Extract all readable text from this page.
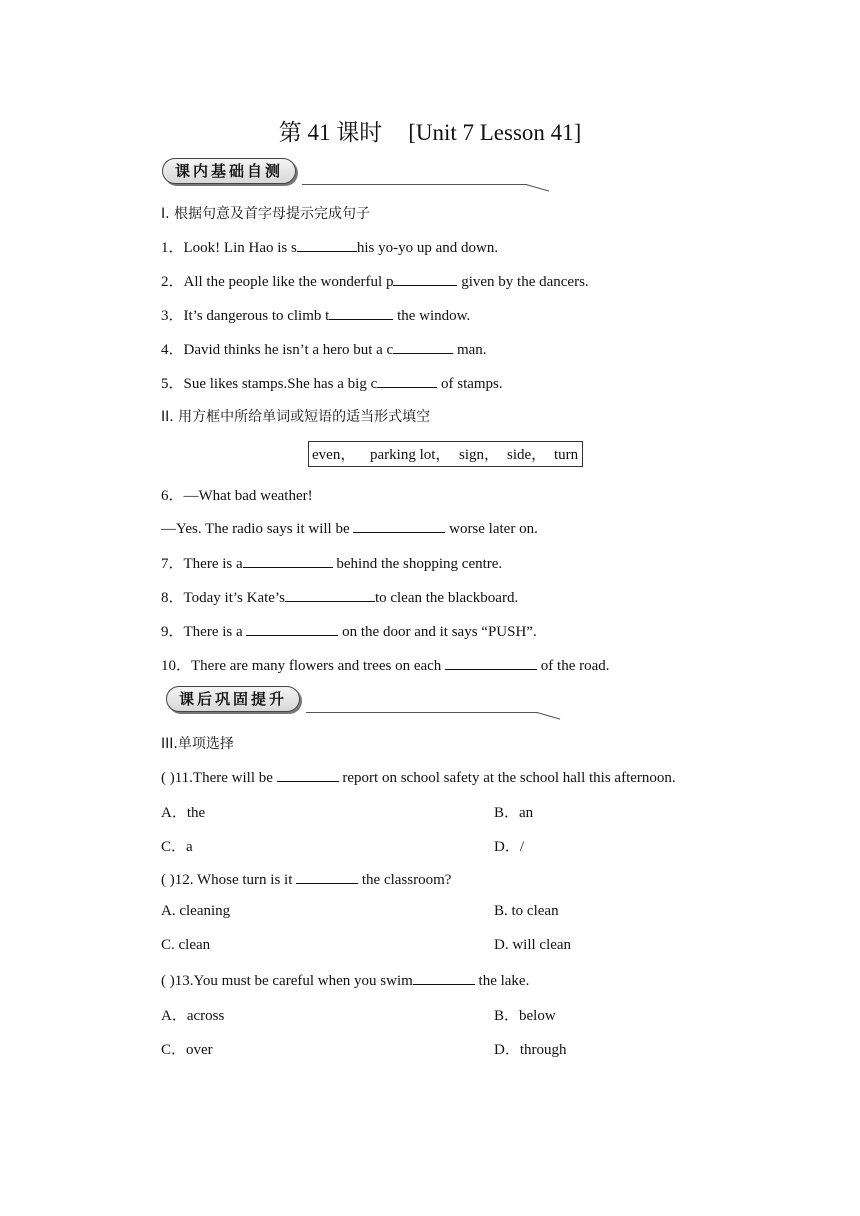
第 41 课时 [Unit 7 Lesson 41]
课内基础自测
I. 根据句意及首字母提示完成句子
1．Look! Lin Hao is s	his yo-yo up and down.
2．All the people like the wonderful p	given by the dancers.
3．It’s dangerous to climb t	the window.
4．David thinks he isn’t a hero but a c	man.
5．Sue likes stamps.She has a big c	of stamps.
II. 用方框中所给单词或短语的适当形式填空
even， parking lot， sign， side， turn
6．—What bad weather!
—Yes. The radio says it will be	worse later on.
7．There is a	behind the shopping centre.
8．Today it’s Kate’s	to clean the blackboard.
9．There is a	on the door and it says “PUSH”.
10．There are many flowers and trees on each	of the road.
课后巩固提升
III.单项选择
( )11.There will be	report on school safety at the school hall this afternoon.
A．the	B．an
C．a	D．/
( )12. Whose turn is it	the classroom?
A. cleaning	B. to clean
C. clean	D. will clean
( )13.You must be careful when you swim	the lake.
A．across	B．below
C．over	D．through
